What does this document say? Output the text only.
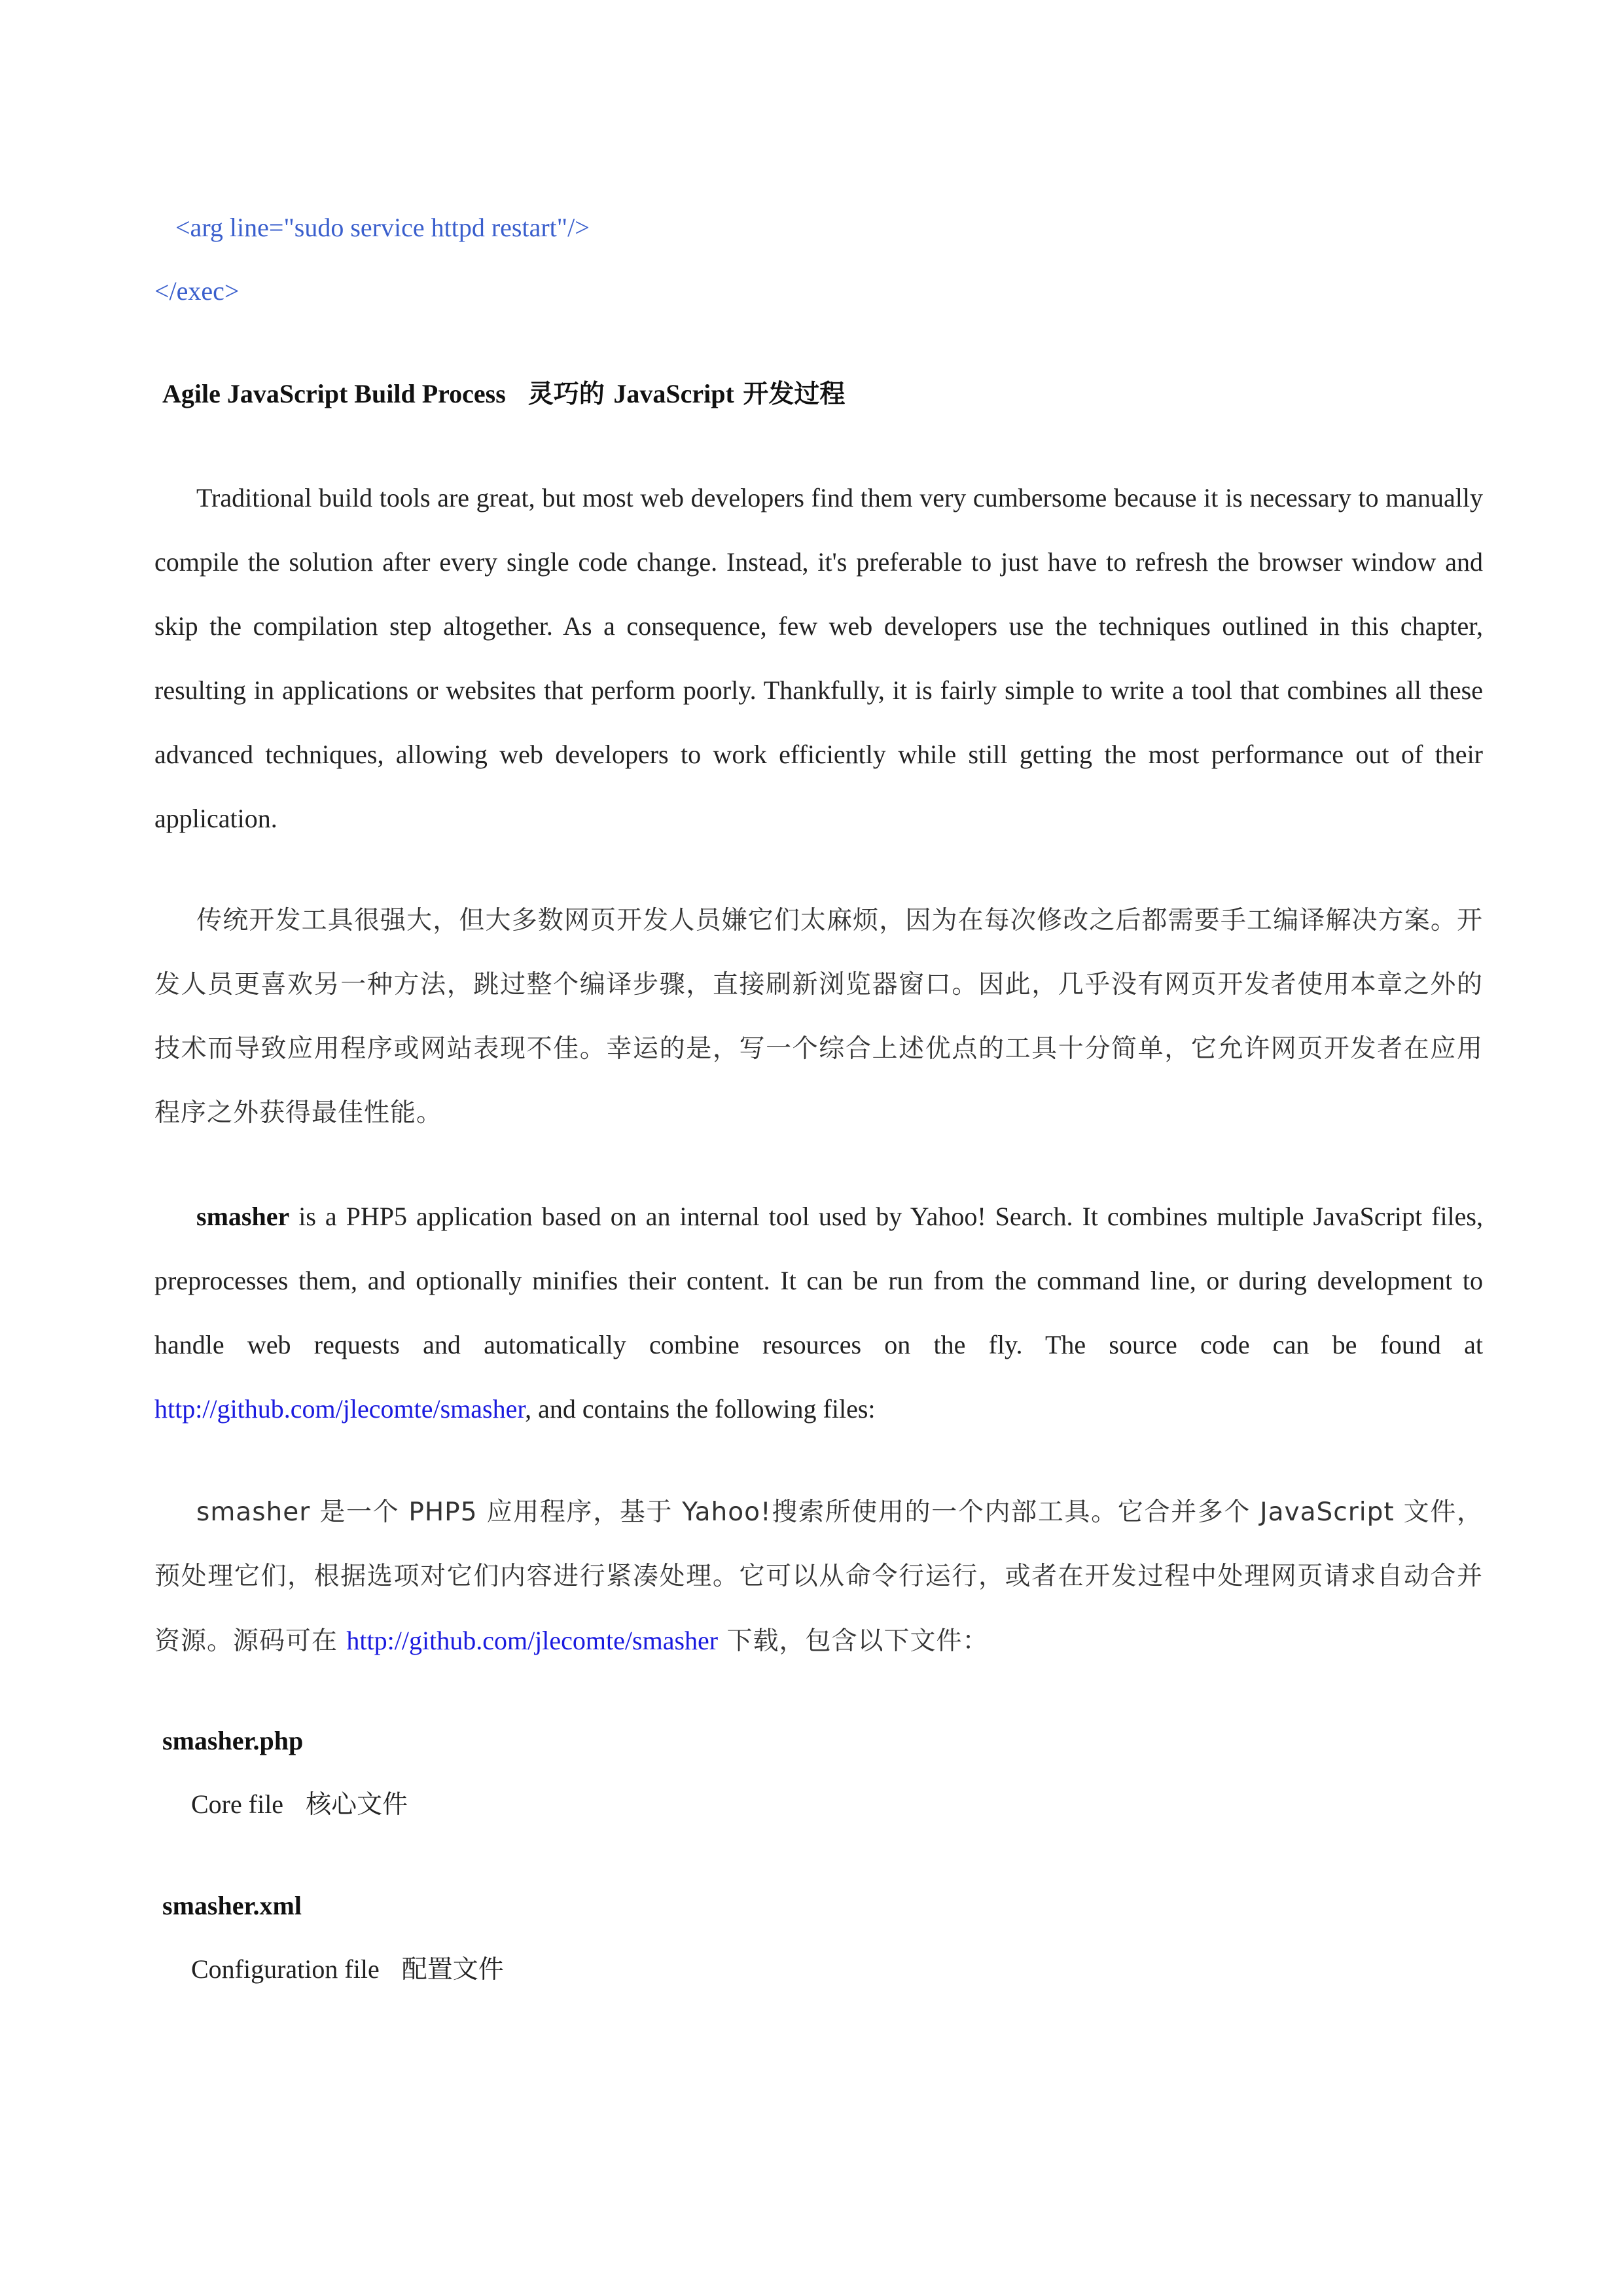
<arg line="sudo service httpd restart"/>
</exec>
Agile JavaScript Build Process 灵巧的 JavaScript 开发过程
Traditional build tools are great, but most web developers find them very cumbersome because it is necessary to manually compile the solution after every single code change. Instead, it's preferable to just have to refresh the browser window and skip the compilation step altogether. As a consequence, few web developers use the techniques outlined in this chapter, resulting in applications or websites that perform poorly. Thankfully, it is fairly simple to write a tool that combines all these advanced techniques, allowing web developers to work efficiently while still getting the most performance out of their application.
传统开发工具很强大，但大多数网页开发人员嫌它们太麻烦，因为在每次修改之后都需要手工编译解决方案。开发人员更喜欢另一种方法，跳过整个编译步骤，直接刷新浏览器窗口。因此，几乎没有网页开发者使用本章之外的技术而导致应用程序或网站表现不佳。幸运的是，写一个综合上述优点的工具十分简单，它允许网页开发者在应用程序之外获得最佳性能。
smasher is a PHP5 application based on an internal tool used by Yahoo! Search. It combines multiple JavaScript files, preprocesses them, and optionally minifies their content. It can be run from the command line, or during development to handle web requests and automatically combine resources on the fly. The source code can be found at http://github.com/jlecomte/smasher, and contains the following files:
smasher 是一个 PHP5 应用程序，基于 Yahoo!搜索所使用的一个内部工具。它合并多个 JavaScript 文件，预处理它们，根据选项对它们内容进行紧凑处理。它可以从命令行运行，或者在开发过程中处理网页请求自动合并资源。源码可在 http://github.com/jlecomte/smasher 下载，包含以下文件：
smasher.php
Core file 核心文件
smasher.xml
Configuration file 配置文件
